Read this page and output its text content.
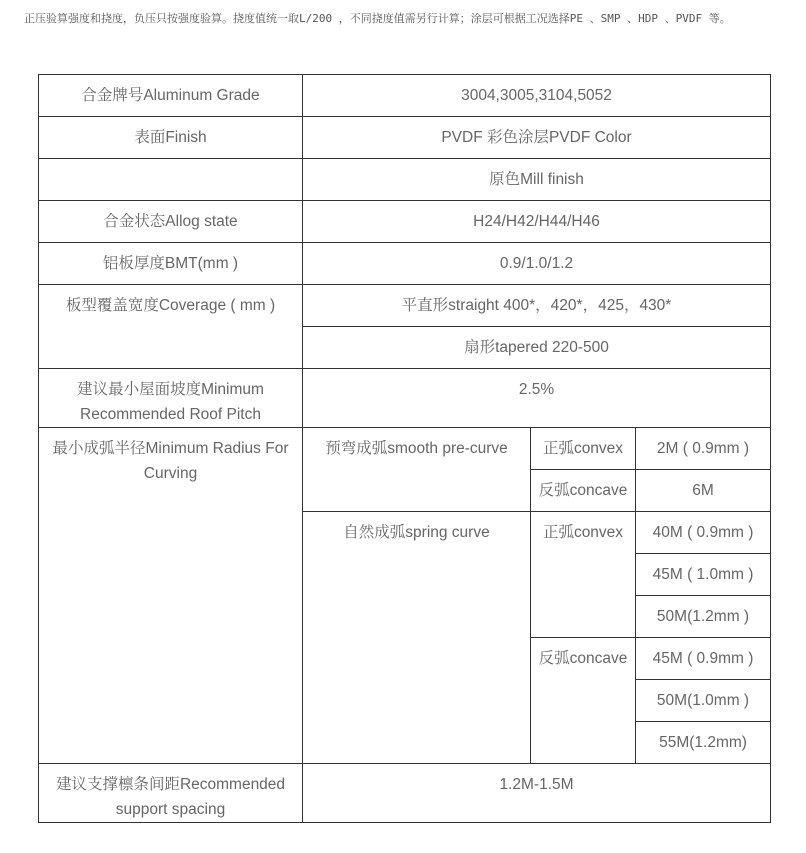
正压验算强度和挠度，负压只按强度验算。挠度值统一取L/200 ，不同挠度值需另行计算；涂层可根据工况选择PE 、SMP 、HDP 、PVDF 等。
合金牌号Aluminum Grade	3004,3005,3104,5052		
表面Finish	PVDF 彩色涂层PVDF Color		
	原色Mill finish		
合金状态Allog state	H24/H42/H44/H46		
铝板厚度BMT(mm )	0.9/1.0/1.2		
板型覆盖宽度Coverage ( mm )	平直形straight 400*，420*，425，430*		
	扇形tapered 220-500		
建议最小屋面坡度Minimum Recommended Roof Pitch	2.5%		
最小成弧半径Minimum Radius For Curving	预弯成弧smooth pre-curve	正弧convex	2M ( 0.9mm )
		反弧concave	6M
	自然成弧spring curve	正弧convex	40M ( 0.9mm )
			45M ( 1.0mm )
			50M(1.2mm )
		反弧concave	45M ( 0.9mm )
			50M(1.0mm )
			55M(1.2mm)
建议支撑檩条间距Recommended support spacing	1.2M-1.5M		
